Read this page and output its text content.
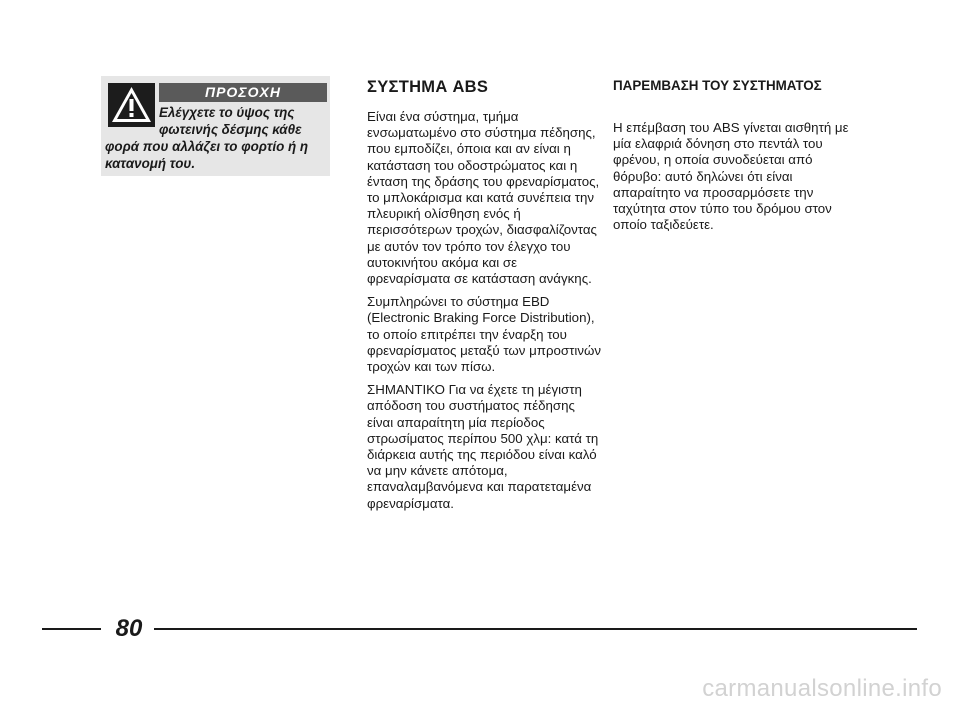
ΠΡΟΣΟΧΗ

Ελέγχετε το ύψος της φωτεινής δέσμης κάθε φορά που αλλάζει το φορτίο ή η κατανομή του.

ΣΥΣΤΗΜΑ ABS

Είναι ένα σύστημα, τμήμα ενσωματωμένο στο σύστημα πέδησης, που εμποδίζει, όποια και αν είναι η κατάσταση του οδοστρώματος και η ένταση της δράσης του φρεναρίσματος, το μπλοκάρισμα και κατά συνέπεια την πλευρική ολίσθηση ενός ή περισσότερων τροχών, διασφαλίζοντας με αυτόν τον τρόπο τον έλεγχο του αυτοκινήτου ακόμα και σε φρεναρίσματα σε κατάσταση ανάγκης.

Συμπληρώνει το σύστημα EBD (Electronic Braking Force Distribution), το οποίο επιτρέπει την έναρξη του φρεναρίσματος μεταξύ των μπροστινών τροχών και των πίσω.

ΣΗΜΑΝΤΙΚΟ Για να έχετε τη μέγιστη απόδοση του συστήματος πέδησης είναι απαραίτητη μία περίοδος στρωσίματος περίπου 500 χλμ: κατά τη διάρκεια αυτής της περιόδου είναι καλό να μην κάνετε απότομα, επαναλαμβανόμενα και παρατεταμένα φρεναρίσματα.

ΠΑΡΕΜΒΑΣΗ ΤΟΥ ΣΥΣΤΗΜΑΤΟΣ

Η επέμβαση του ABS γίνεται αισθητή με μία ελαφριά δόνηση στο πεντάλ του φρένου, η οποία συνοδεύεται από θόρυβο: αυτό δηλώνει ότι είναι απαραίτητο να προσαρμόσετε την ταχύτητα στον τύπο του δρόμου στον οποίο ταξιδεύετε.

80
carmanualsonline.info
